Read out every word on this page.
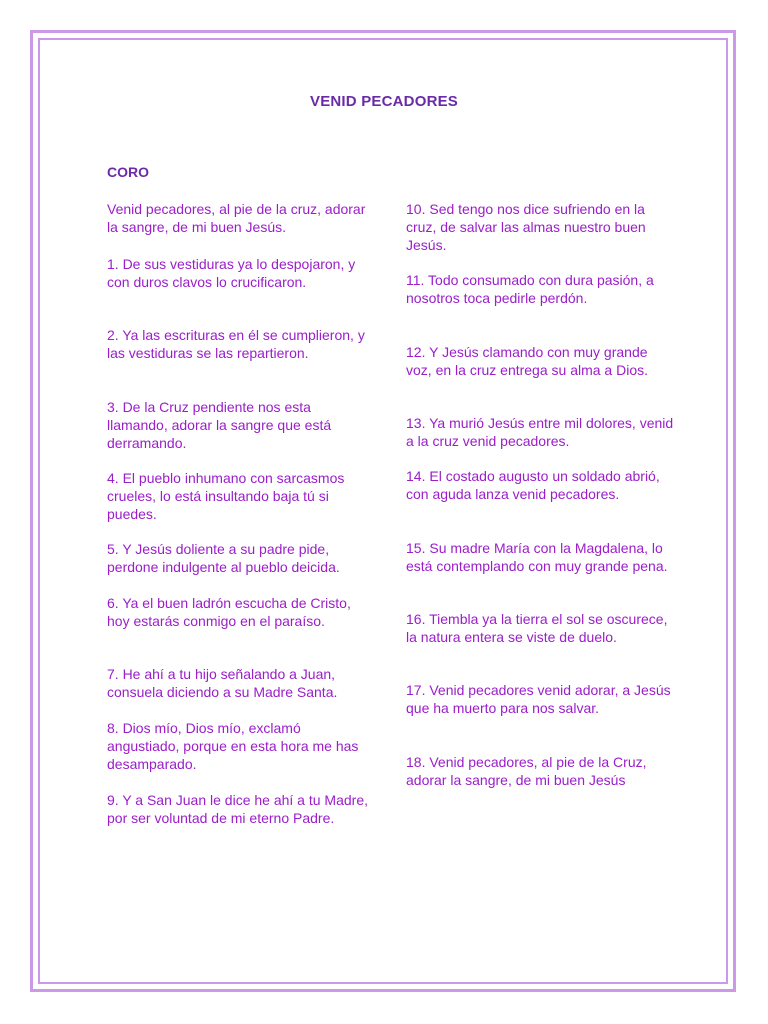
VENID PECADORES
CORO

Venid pecadores, al pie de la cruz, adorar la sangre, de mi buen Jesús.

1. De sus vestiduras ya lo despojaron, y con duros clavos lo crucificaron.

2. Ya las escrituras en él se cumplieron, y las vestiduras se las repartieron.

3. De la Cruz pendiente nos esta llamando, adorar la sangre que está derramando.

4. El pueblo inhumano con sarcasmos crueles, lo está insultando baja tú si puedes.

5. Y Jesús doliente a su padre pide, perdone indulgente al pueblo deicida.

6. Ya el buen ladrón escucha de Cristo, hoy estarás conmigo en el paraíso.

7. He ahí a tu hijo señalando a Juan, consuela diciendo a su Madre Santa.

8. Dios mío, Dios mío, exclamó angustiado, porque en esta hora me has desamparado.

9. Y a San Juan le dice he ahí a tu Madre, por ser voluntad de mi eterno Padre.

10. Sed tengo nos dice sufriendo en la cruz, de salvar las almas nuestro buen Jesús.

11. Todo consumado con dura pasión, a nosotros toca pedirle perdón.

12. Y Jesús clamando con muy grande voz, en la cruz entrega su alma a Dios.

13. Ya murió Jesús entre mil dolores, venid a la cruz venid pecadores.

14. El costado augusto un soldado abrió, con aguda lanza venid pecadores.

15. Su madre María con la Magdalena, lo está contemplando con muy grande pena.

16. Tiembla ya la tierra el sol se oscurece, la natura entera se viste de duelo.

17. Venid pecadores venid adorar, a Jesús que ha muerto para nos salvar.

18. Venid pecadores, al pie de la Cruz, adorar la sangre, de mi buen Jesús
